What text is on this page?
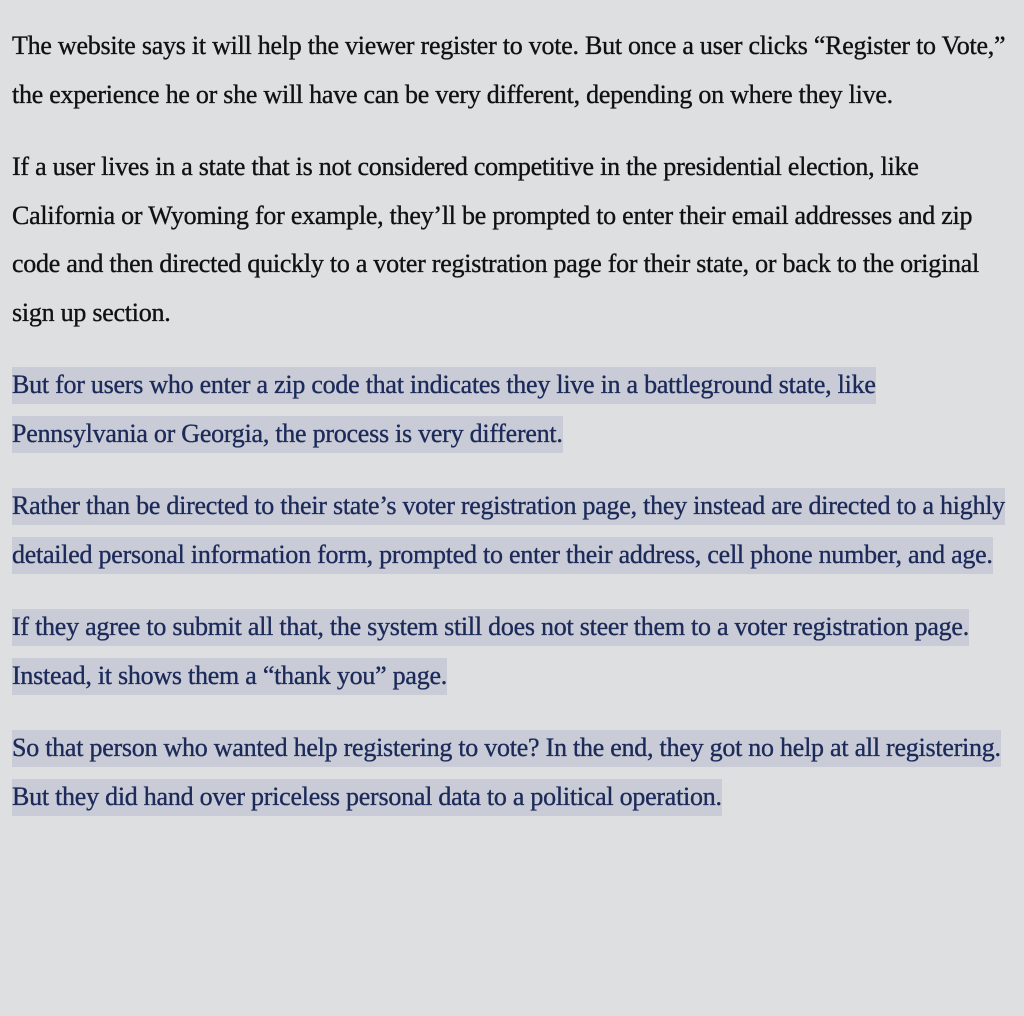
The website says it will help the viewer register to vote. But once a user clicks “Register to Vote,” the experience he or she will have can be very different, depending on where they live.

If a user lives in a state that is not considered competitive in the presidential election, like California or Wyoming for example, they’ll be prompted to enter their email addresses and zip code and then directed quickly to a voter registration page for their state, or back to the original sign up section.

But for users who enter a zip code that indicates they live in a battleground state, like Pennsylvania or Georgia, the process is very different.

Rather than be directed to their state’s voter registration page, they instead are directed to a highly detailed personal information form, prompted to enter their address, cell phone number, and age.

If they agree to submit all that, the system still does not steer them to a voter registration page. Instead, it shows them a “thank you” page.

So that person who wanted help registering to vote? In the end, they got no help at all registering. But they did hand over priceless personal data to a political operation.
